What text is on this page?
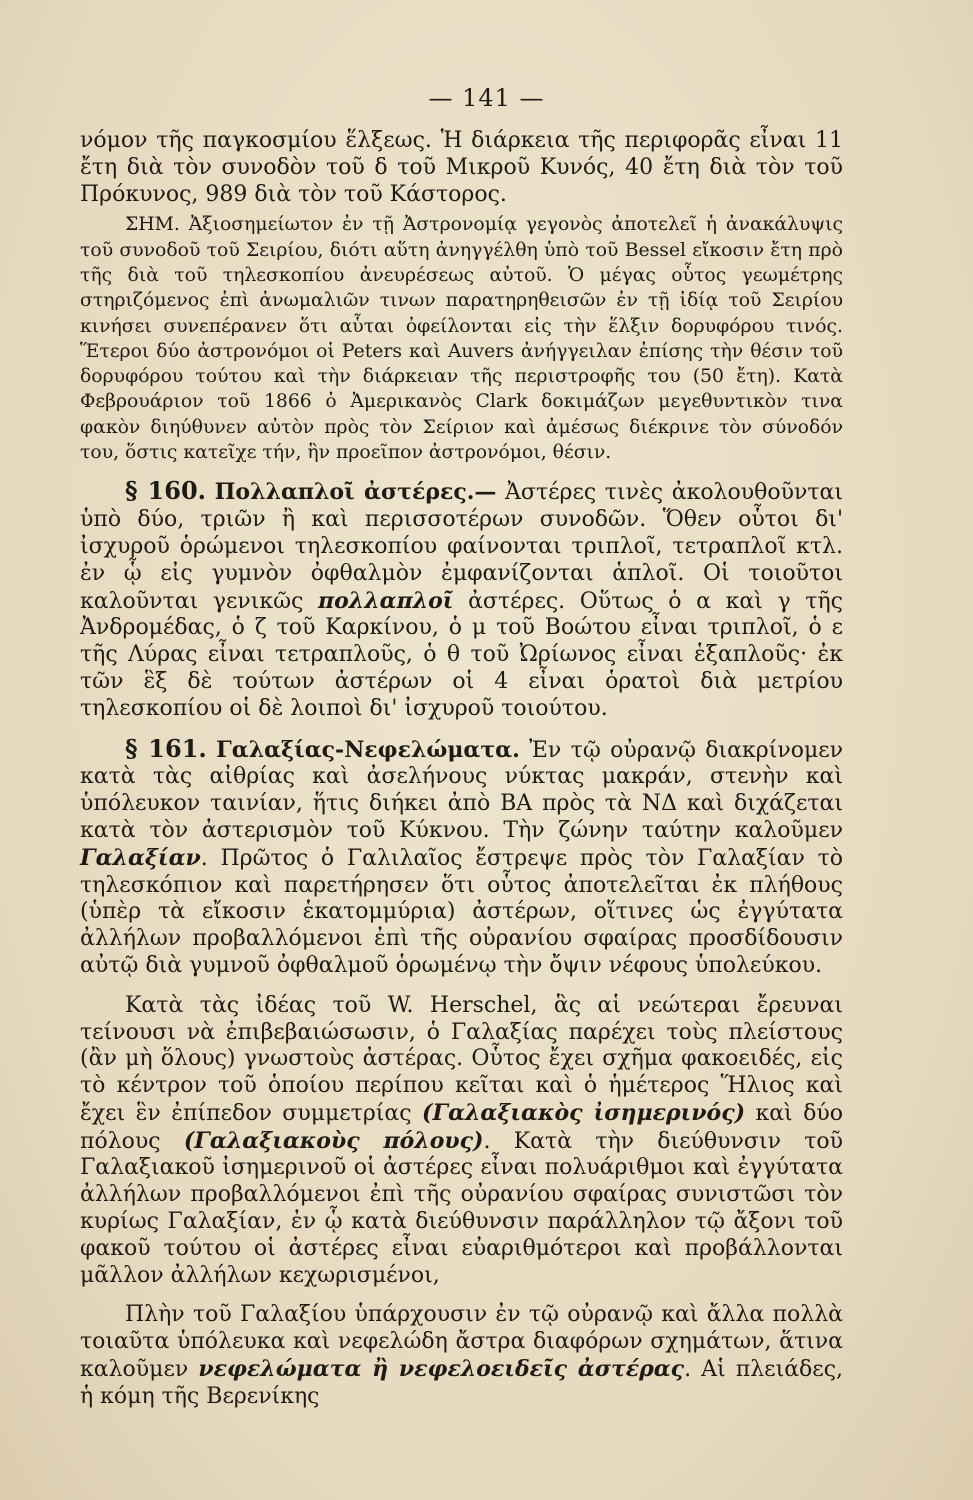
— 141 —

νόμον τῆς παγκοσμίου ἕλξεως. Ἡ διάρκεια τῆς περιφορᾶς εἶναι 11 ἔτη διὰ τὸν συνοδὸν τοῦ δ τοῦ Μικροῦ Κυνός, 40 ἔτη διὰ τὸν τοῦ Πρόκυνος, 989 διὰ τὸν τοῦ Κάστορος.

ΣΗΜ. Ἀξιοσημείωτον ἐν τῇ Ἀστρονομίᾳ γεγονὸς ἀποτελεῖ ἡ ἀνακάλυψις τοῦ συνοδοῦ τοῦ Σειρίου, διότι αὕτη ἀνηγγέλθη ὑπὸ τοῦ Bessel εἴκοσιν ἔτη πρὸ τῆς διὰ τοῦ τηλεσκοπίου ἀνευρέσεως αὐτοῦ. Ὁ μέγας οὗτος γεωμέτρης στηριζόμενος ἐπὶ ἀνωμαλιῶν τινων παρατηρηθεισῶν ἐν τῇ ἰδίᾳ τοῦ Σειρίου κινήσει συνεπέρανεν ὅτι αὗται ὀφείλονται εἰς τὴν ἕλξιν δορυφόρου τινός. Ἕτεροι δύο ἀστρονόμοι οἱ Peters καὶ Auvers ἀνήγγειλαν ἐπίσης τὴν θέσιν τοῦ δορυφόρου τούτου καὶ τὴν διάρκειαν τῆς περιστροφῆς του (50 ἔτη). Κατὰ Φεβρουάριον τοῦ 1866 ὁ Ἀμερικανὸς Clark δοκιμάζων μεγεθυντικὸν τινα φακὸν διηύθυνεν αὐτὸν πρὸς τὸν Σείριον καὶ ἀμέσως διέκρινε τὸν σύνοδόν του, ὅστις κατεῖχε τήν, ἣν προεῖπον ἀστρονόμοι, θέσιν.

§ 160. Πολλαπλοῖ ἀστέρες.— Ἀστέρες τινὲς ἀκολουθοῦνται ὑπὸ δύο, τριῶν ἢ καὶ περισσοτέρων συνοδῶν. Ὅθεν οὗτοι δι' ἰσχυροῦ ὁρώμενοι τηλεσκοπίου φαίνονται τριπλοῖ, τετραπλοῖ κτλ. ἐν ᾧ εἰς γυμνὸν ὀφθαλμὸν ἐμφανίζονται ἁπλοῖ. Οἱ τοιοῦτοι καλοῦνται γενικῶς πολλαπλοῖ ἀστέρες. Οὕτως ὁ α καὶ γ τῆς Ἀνδρομέδας, ὁ ζ τοῦ Καρκίνου, ὁ μ τοῦ Βοώτου εἶναι τριπλοῖ, ὁ ε τῆς Λύρας εἶναι τετραπλοῦς, ὁ θ τοῦ Ὠρίωνος εἶναι ἑξαπλοῦς· ἐκ τῶν ἓξ δὲ τούτων ἀστέρων οἱ 4 εἶναι ὁρατοὶ διὰ μετρίου τηλεσκοπίου οἱ δὲ λοιποὶ δι' ἰσχυροῦ τοιούτου.

§ 161. Γαλαξίας-Νεφελώματα. Ἐν τῷ οὐρανῷ διακρίνομεν κατὰ τὰς αἰθρίας καὶ ἀσελήνους νύκτας μακράν, στενὴν καὶ ὑπόλευκον ταινίαν, ἥτις διήκει ἀπὸ ΒΑ πρὸς τὰ ΝΔ καὶ διχάζεται κατὰ τὸν ἀστερισμὸν τοῦ Κύκνου. Τὴν ζώνην ταύτην καλοῦμεν Γαλαξίαν. Πρῶτος ὁ Γαλιλαῖος ἔστρεψε πρὸς τὸν Γαλαξίαν τὸ τηλεσκόπιον καὶ παρετήρησεν ὅτι οὗτος ἀποτελεῖται ἐκ πλήθους (ὑπὲρ τὰ εἴκοσιν ἑκατομμύρια) ἀστέρων, οἵτινες ὡς ἐγγύτατα ἀλλήλων προβαλλόμενοι ἐπὶ τῆς οὐρανίου σφαίρας προσδίδουσιν αὐτῷ διὰ γυμνοῦ ὀφθαλμοῦ ὁρωμένῳ τὴν ὄψιν νέφους ὑπολεύκου.

Κατὰ τὰς ἰδέας τοῦ W. Herschel, ἃς αἱ νεώτεραι ἔρευναι τείνουσι νὰ ἐπιβεβαιώσωσιν, ὁ Γαλαξίας παρέχει τοὺς πλείστους (ἂν μὴ ὅλους) γνωστοὺς ἀστέρας. Οὗτος ἔχει σχῆμα φακοειδές, εἰς τὸ κέντρον τοῦ ὁποίου περίπου κεῖται καὶ ὁ ἡμέτερος Ἥλιος καὶ ἔχει ἓν ἐπίπεδον συμμετρίας (Γαλαξιακὸς ἰσημερινός) καὶ δύο πόλους (Γαλαξιακοὺς πόλους). Κατὰ τὴν διεύθυνσιν τοῦ Γαλαξιακοῦ ἰσημερινοῦ οἱ ἀστέρες εἶναι πολυάριθμοι καὶ ἐγγύτατα ἀλλήλων προβαλλόμενοι ἐπὶ τῆς οὐρανίου σφαίρας συνιστῶσι τὸν κυρίως Γαλαξίαν, ἐν ᾧ κατὰ διεύθυνσιν παράλληλον τῷ ἄξονι τοῦ φακοῦ τούτου οἱ ἀστέρες εἶναι εὐαριθμότεροι καὶ προβάλλονται μᾶλλον ἀλλήλων κεχωρισμένοι,

Πλὴν τοῦ Γαλαξίου ὑπάρχουσιν ἐν τῷ οὐρανῷ καὶ ἄλλα πολλὰ τοιαῦτα ὑπόλευκα καὶ νεφελώδη ἄστρα διαφόρων σχημάτων, ἅτινα καλοῦμεν νεφελώματα ἢ νεφελοειδεῖς ἀστέρας. Αἱ πλειάδες, ἡ κόμη τῆς Βερενίκης
